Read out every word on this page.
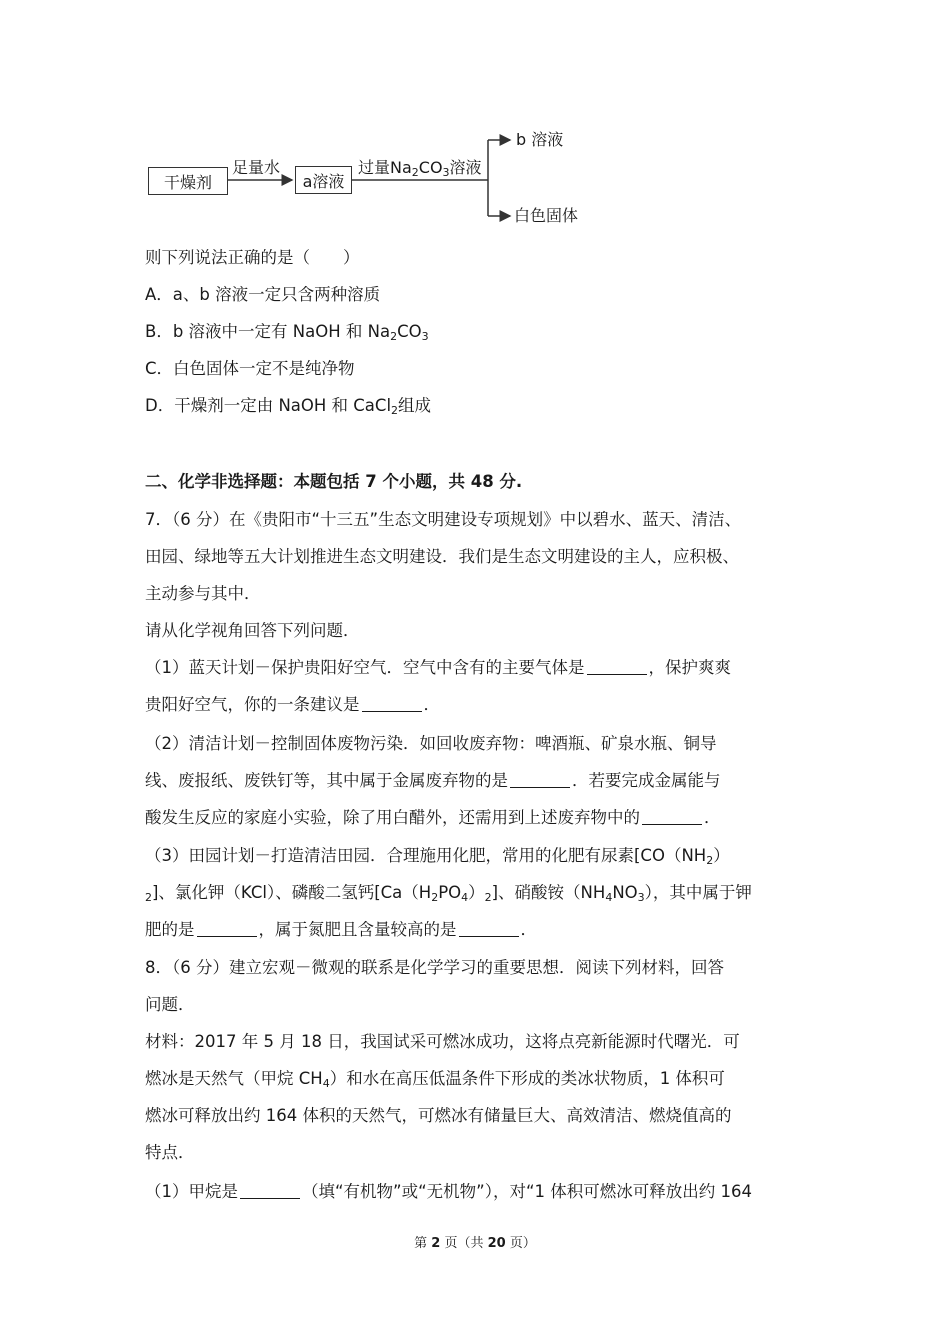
干燥剂
足量水
a溶液
过量$Na_2CO_3$溶液
b 溶液
白色固体
则下列说法正确的是（　　）
A．a、b 溶液一定只含两种溶质
B．b 溶液中一定有 NaOH 和 $Na_2CO_3$
C．白色固体一定不是纯净物
D．干燥剂一定由 NaOH 和 CaCl$_2$组成
二、化学非选择题：本题包括 7 个小题，共 48 分.
7．（6 分）在《贵阳市“十三五”生态文明建设专项规划》中以碧水、蓝天、清洁、
田园、绿地等五大计划推进生态文明建设．我们是生态文明建设的主人，应积极、
主动参与其中．
请从化学视角回答下列问题．
（1）蓝天计划－保护贵阳好空气．空气中含有的主要气体是	，保护爽爽
贵阳好空气，你的一条建议是	．
（2）清洁计划－控制固体废物污染．如回收废弃物：啤酒瓶、矿泉水瓶、铜导
线、废报纸、废铁钉等，其中属于金属废弃物的是	．若要完成金属能与
酸发生反应的家庭小实验，除了用白醋外，还需用到上述废弃物中的	．
（3）田园计划－打造清洁田园．合理施用化肥，常用的化肥有尿素[$CO(NH_2)$
$_2$]、氯化钾（KCl）、磷酸二氢钙$[Ca(H_2PO_4)_2]$、硝酸铵$(NH_4NO_3)$，其中属于钾
肥的是	，属于氮肥且含量较高的是	．
8．（6 分）建立宏观－微观的联系是化学学习的重要思想．阅读下列材料，回答
问题．
材料：2017 年 5 月 18 日，我国试采可燃冰成功，这将点亮新能源时代曙光．可
燃冰是天然气（甲烷 $CH_4$）和水在高压低温条件下形成的类冰状物质，1 体积可
燃冰可释放出约 164 体积的天然气，可燃冰有储量巨大、高效清洁、燃烧值高的
特点．
（1）甲烷是	（填“有机物”或“无机物”），对“1 体积可燃冰可释放出约 164
第 2 页（共 20 页）
